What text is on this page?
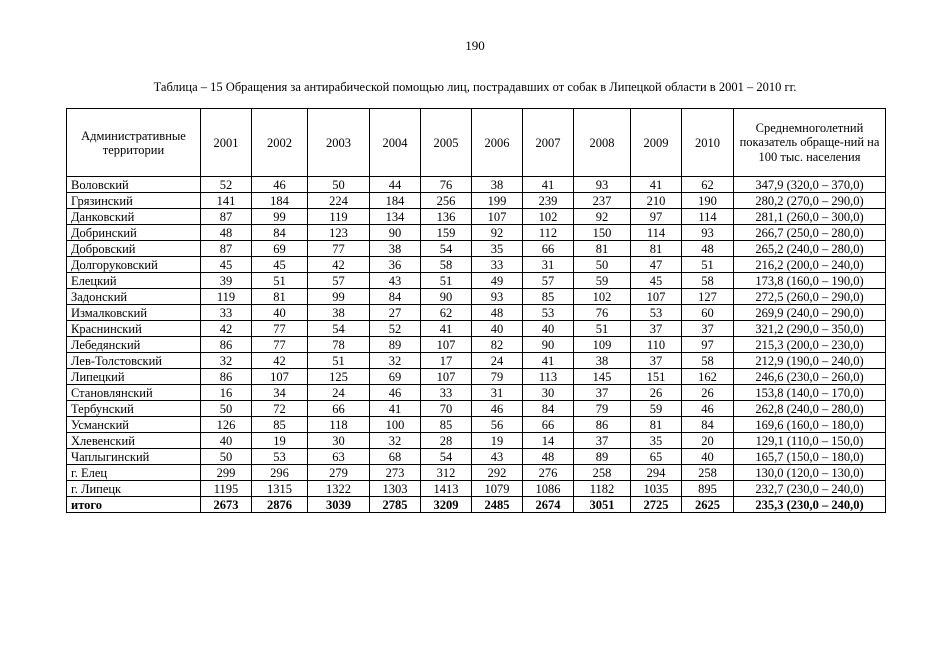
190
Таблица – 15 Обращения за антирабической помощью лиц, пострадавших от собак в Липецкой области в 2001 – 2010 гг.
Административные территории	2001	2002	2003	2004	2005	2006	2007	2008	2009	2010	Среднемноголетний показатель обраще-ний на 100 тыс. населения
Воловский	52	46	50	44	76	38	41	93	41	62	347,9 (320,0 – 370,0)
Грязинский	141	184	224	184	256	199	239	237	210	190	280,2 (270,0 – 290,0)
Данковский	87	99	119	134	136	107	102	92	97	114	281,1 (260,0 – 300,0)
Добринский	48	84	123	90	159	92	112	150	114	93	266,7 (250,0 – 280,0)
Добровский	87	69	77	38	54	35	66	81	81	48	265,2 (240,0 – 280,0)
Долгоруковский	45	45	42	36	58	33	31	50	47	51	216,2 (200,0 – 240,0)
Елецкий	39	51	57	43	51	49	57	59	45	58	173,8 (160,0 – 190,0)
Задонский	119	81	99	84	90	93	85	102	107	127	272,5 (260,0 – 290,0)
Измалковский	33	40	38	27	62	48	53	76	53	60	269,9 (240,0 – 290,0)
Краснинский	42	77	54	52	41	40	40	51	37	37	321,2 (290,0 – 350,0)
Лебедянский	86	77	78	89	107	82	90	109	110	97	215,3 (200,0 – 230,0)
Лев-Толстовский	32	42	51	32	17	24	41	38	37	58	212,9 (190,0 – 240,0)
Липецкий	86	107	125	69	107	79	113	145	151	162	246,6 (230,0 – 260,0)
Становлянский	16	34	24	46	33	31	30	37	26	26	153,8 (140,0 – 170,0)
Тербунский	50	72	66	41	70	46	84	79	59	46	262,8 (240,0 – 280,0)
Усманский	126	85	118	100	85	56	66	86	81	84	169,6 (160,0 – 180,0)
Хлевенский	40	19	30	32	28	19	14	37	35	20	129,1 (110,0 – 150,0)
Чаплыгинский	50	53	63	68	54	43	48	89	65	40	165,7 (150,0 – 180,0)
г. Елец	299	296	279	273	312	292	276	258	294	258	130,0 (120,0 – 130,0)
г. Липецк	1195	1315	1322	1303	1413	1079	1086	1182	1035	895	232,7 (230,0 – 240,0)
итого	2673	2876	3039	2785	3209	2485	2674	3051	2725	2625	235,3 (230,0 – 240,0)
